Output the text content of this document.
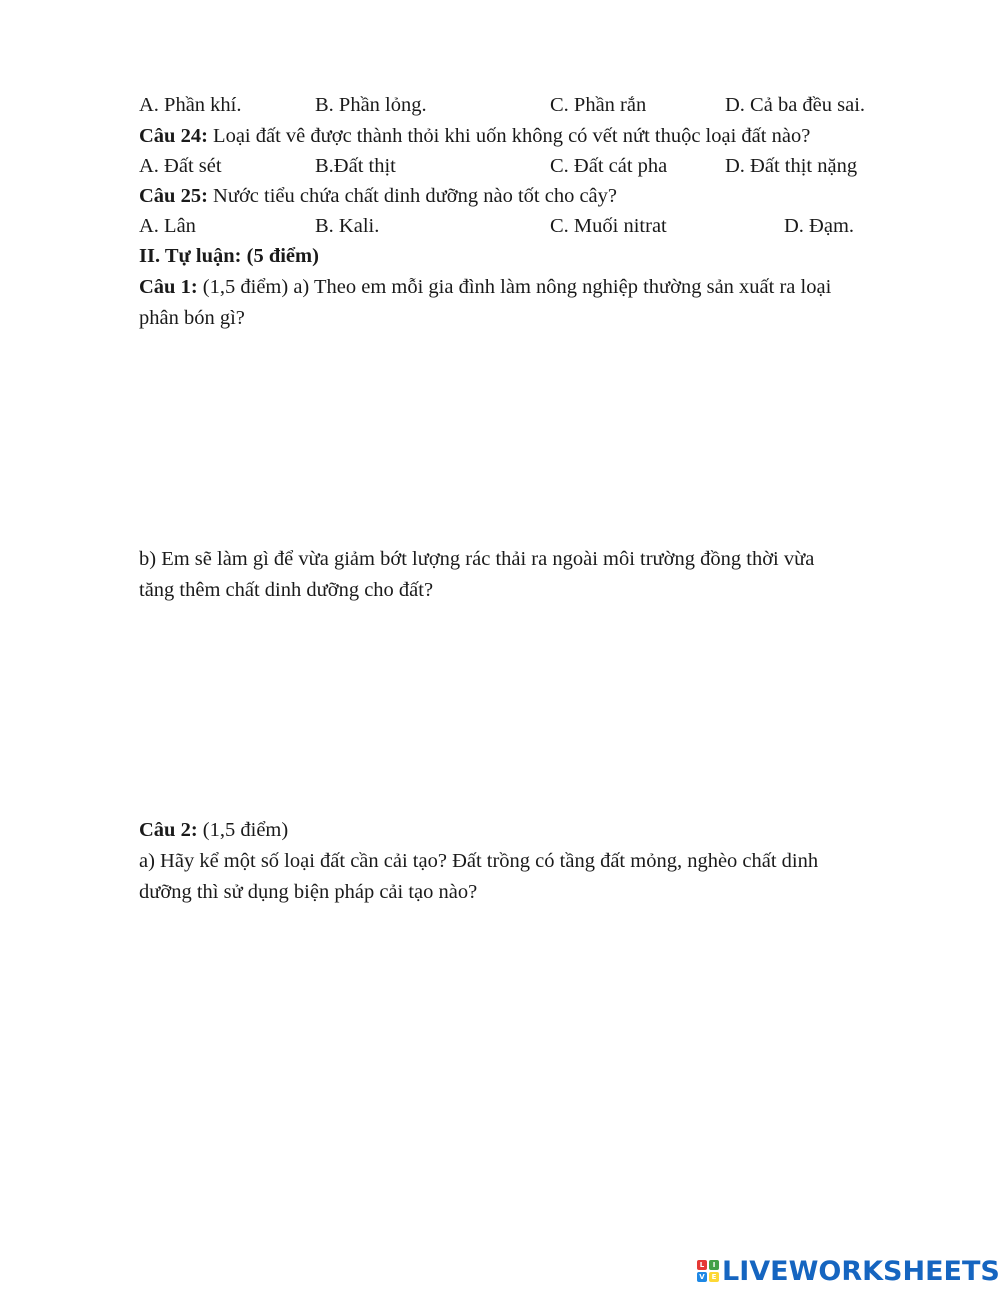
A. Phần khí.	B. Phần lỏng.	C. Phần rắn	D. Cả ba đều sai.
Câu 24: Loại đất vê được thành thỏi khi uốn không có vết nứt thuộc loại đất nào?
A. Đất sét	B.Đất thịt	C. Đất cát pha	D. Đất thịt nặng
Câu 25: Nước tiểu chứa chất dinh dưỡng nào tốt cho cây?
A. Lân	B. Kali.	C. Muối nitrat	D. Đạm.
II. Tự luận: (5 điểm)
Câu 1: (1,5 điểm) a) Theo em mỗi gia đình làm nông nghiệp thường sản xuất ra loại
phân bón gì?
b) Em sẽ làm gì để vừa giảm bớt lượng rác thải ra ngoài môi trường đồng thời vừa
tăng thêm chất dinh dưỡng cho đất?
Câu 2: (1,5 điểm)
a) Hãy kể một số loại đất cần cải tạo? Đất trồng có tầng đất mỏng, nghèo chất dinh
dưỡng thì sử dụng biện pháp cải tạo nào?
L	I
V E LIVEWORKSHEETS
